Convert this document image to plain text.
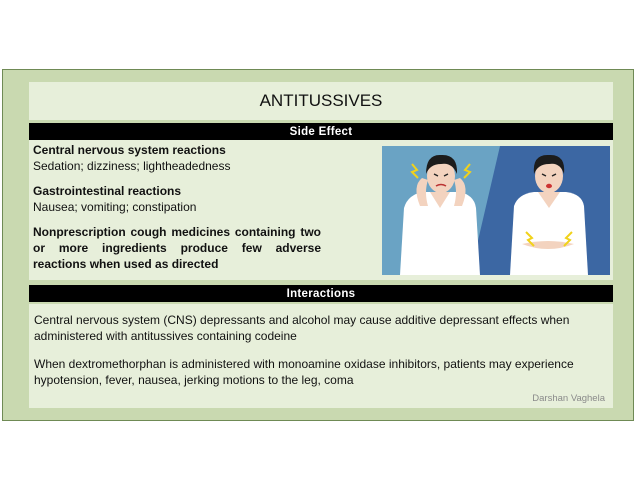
ANTITUSSIVES
Side Effect
Central nervous system reactions
Sedation; dizziness; lightheadedness
Gastrointestinal reactions
Nausea; vomiting; constipation
Nonprescription cough medicines containing two or more ingredients produce few adverse reactions when used as directed
Interactions
Central nervous system (CNS) depressants and alcohol may cause additive depressant effects when administered with antitussives containing codeine
When dextromethorphan is administered with monoamine oxidase inhibitors, patients may experience hypotension, fever, nausea, jerking motions to the leg, coma
Darshan Vaghela
